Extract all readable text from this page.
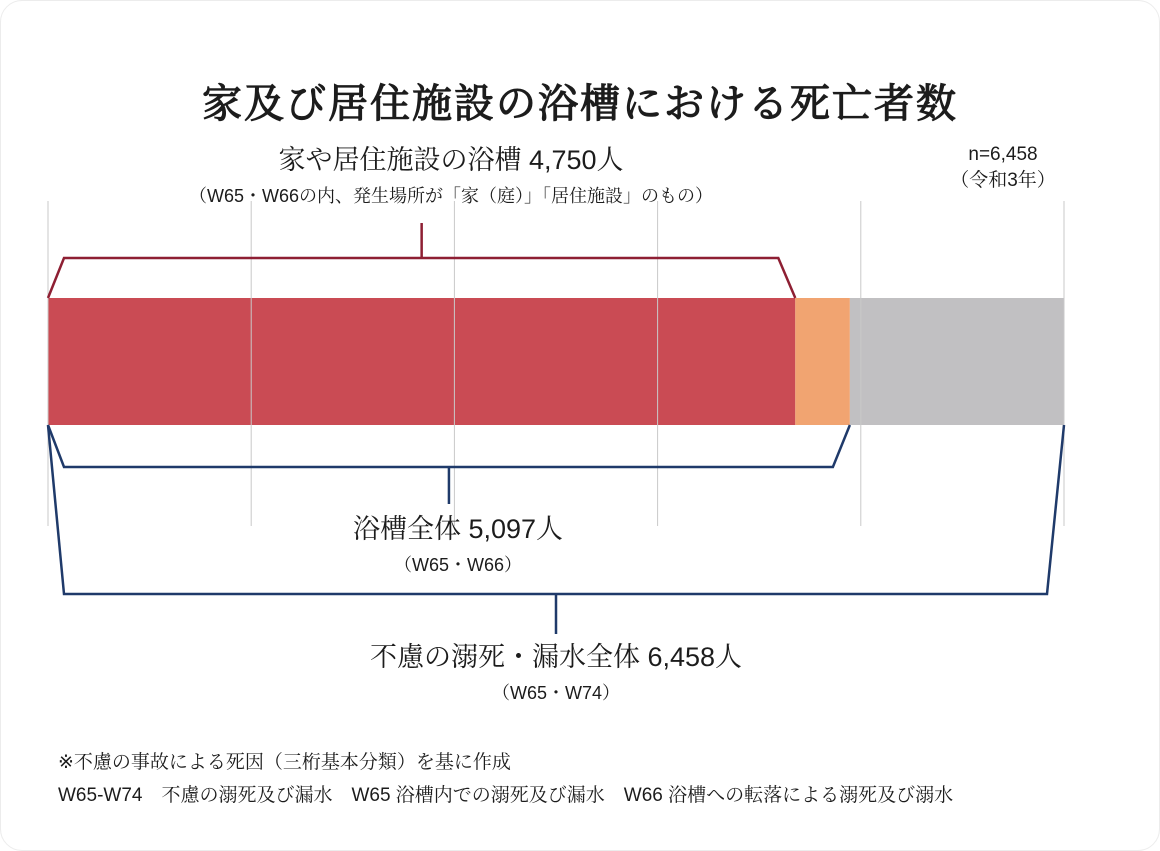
家及び居住施設の浴槽における死亡者数
家や居住施設の浴槽 4,750人
（W65・W66の内、発生場所が「家（庭）」「居住施設」のもの）
n=6,458
（令和3年）
浴槽全体 5,097人
（W65・W66）
不慮の溺死・漏水全体 6,458人
（W65・W74）
※不慮の事故による死因（三桁基本分類）を基に作成
W65-W74　不慮の溺死及び漏水　W65 浴槽内での溺死及び漏水　W66 浴槽への転落による溺死及び溺水
